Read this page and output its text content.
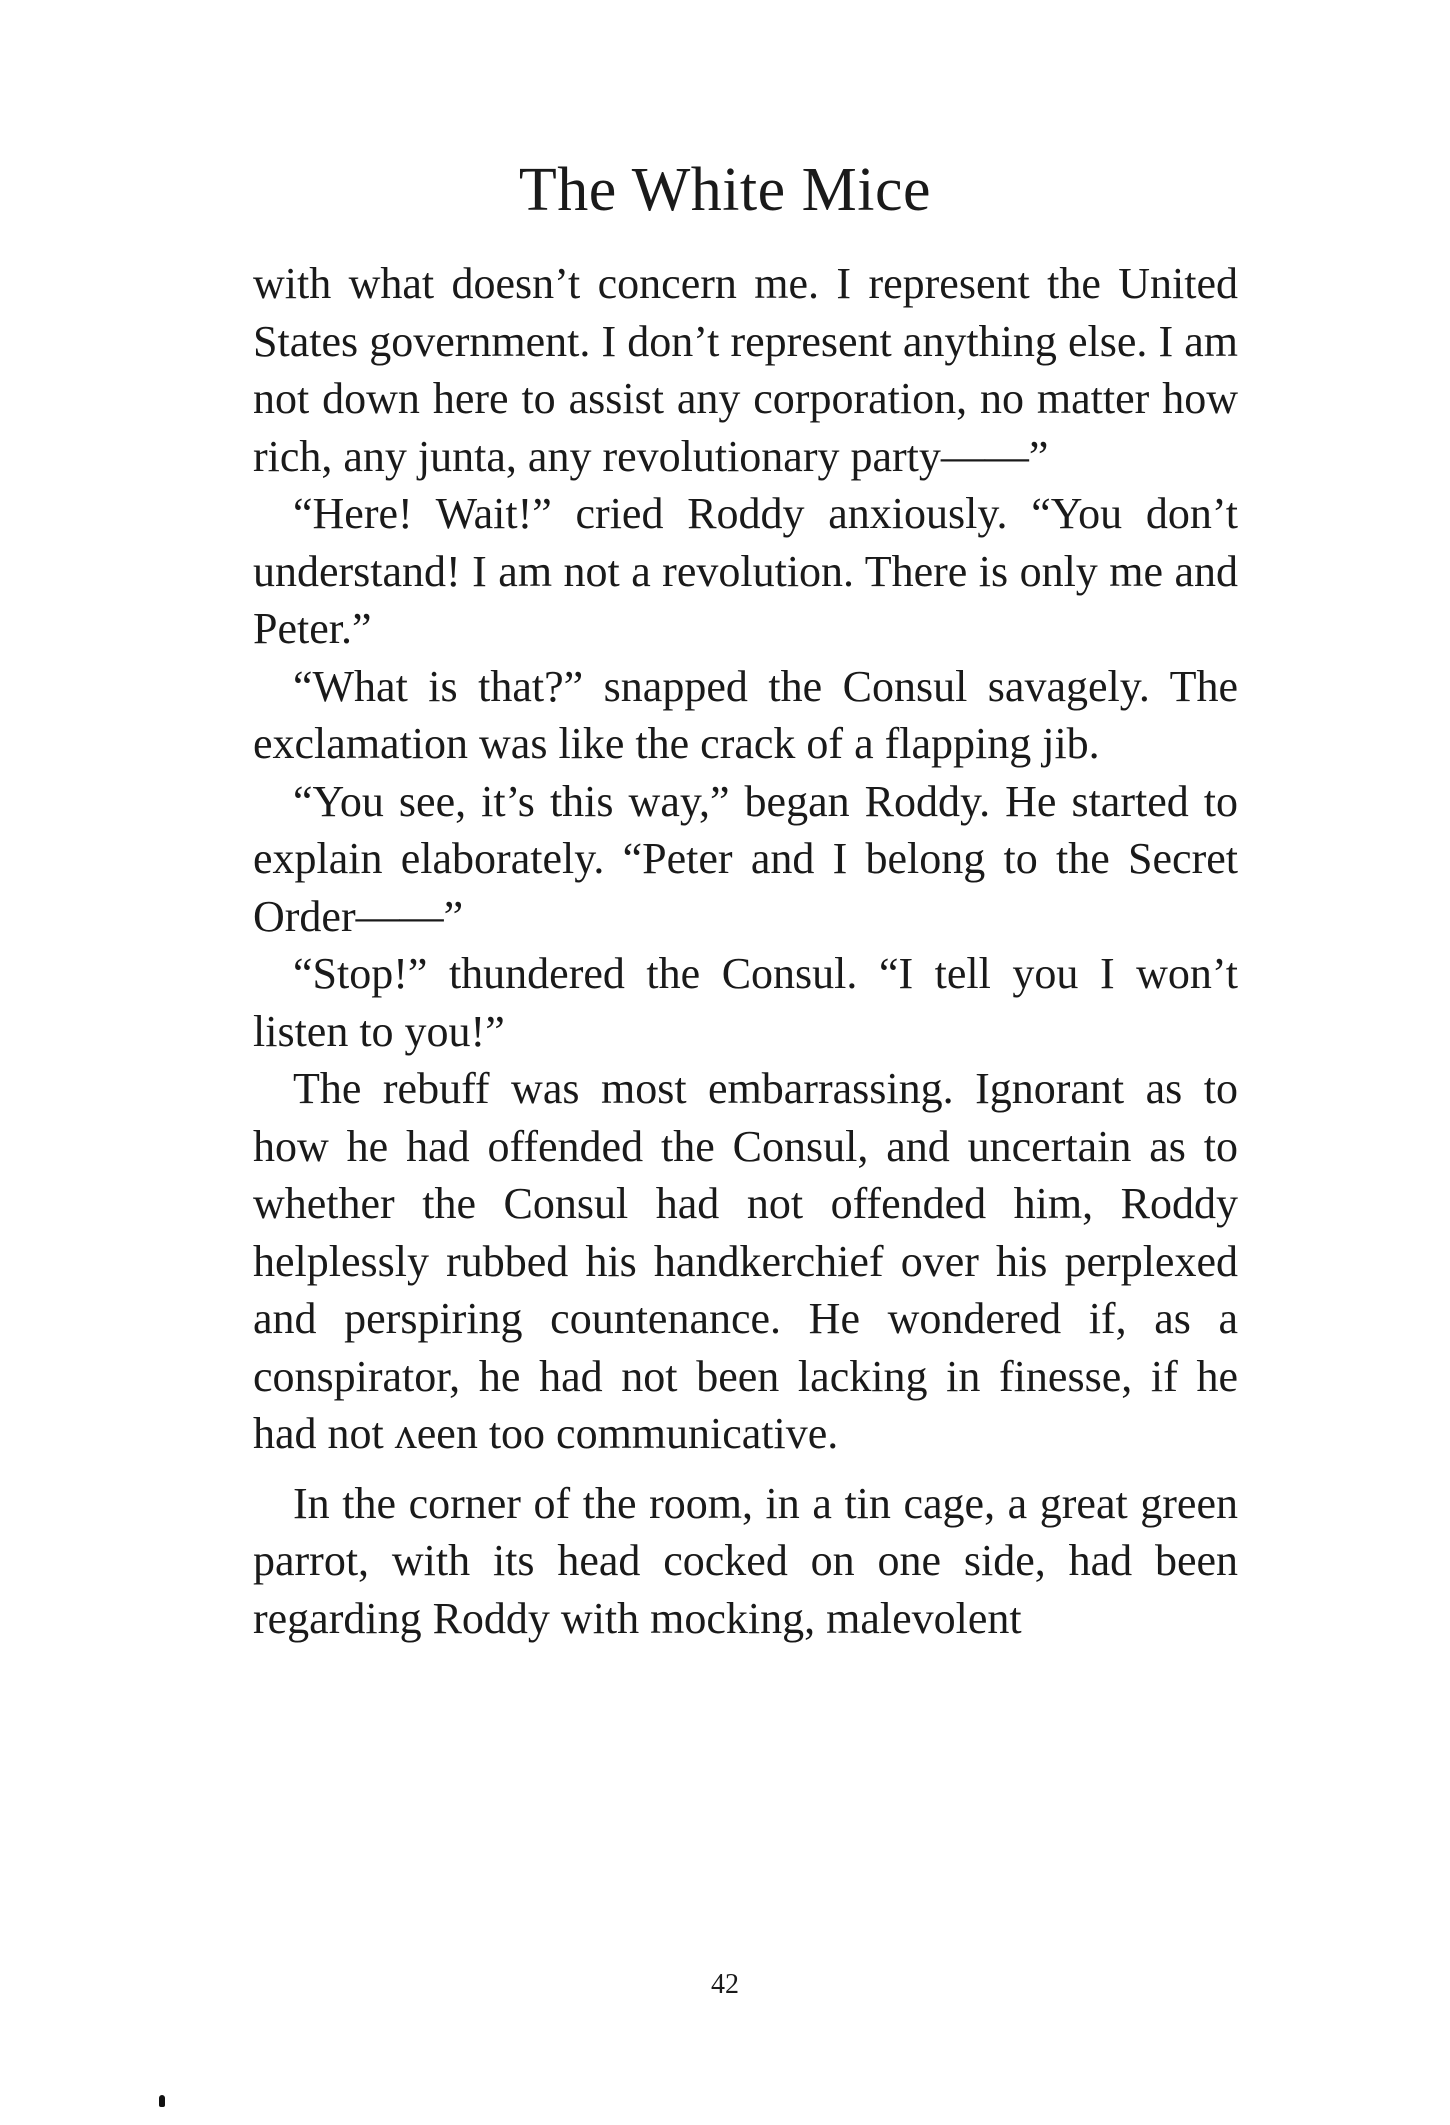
The White Mice

with what doesn’t concern me. I represent the United States government. I don’t represent anything else. I am not down here to assist any corporation, no matter how rich, any junta, any revolutionary party——”

“Here! Wait!” cried Roddy anxiously. “You don’t understand! I am not a revolution. There is only me and Peter.”

“What is that?” snapped the Consul savagely. The exclamation was like the crack of a flapping jib.

“You see, it’s this way,” began Roddy. He started to explain elaborately. “Peter and I belong to the Secret Order——”

“Stop!” thundered the Consul. “I tell you I won’t listen to you!”

The rebuff was most embarrassing. Ignorant as to how he had offended the Consul, and uncertain as to whether the Consul had not offended him, Roddy helplessly rubbed his handkerchief over his perplexed and perspiring countenance. He wondered if, as a conspirator, he had not been lacking in finesse, if he had not ʌeen too communicative.

In the corner of the room, in a tin cage, a great green parrot, with its head cocked on one side, had been regarding Roddy with mocking, malevolent

42
